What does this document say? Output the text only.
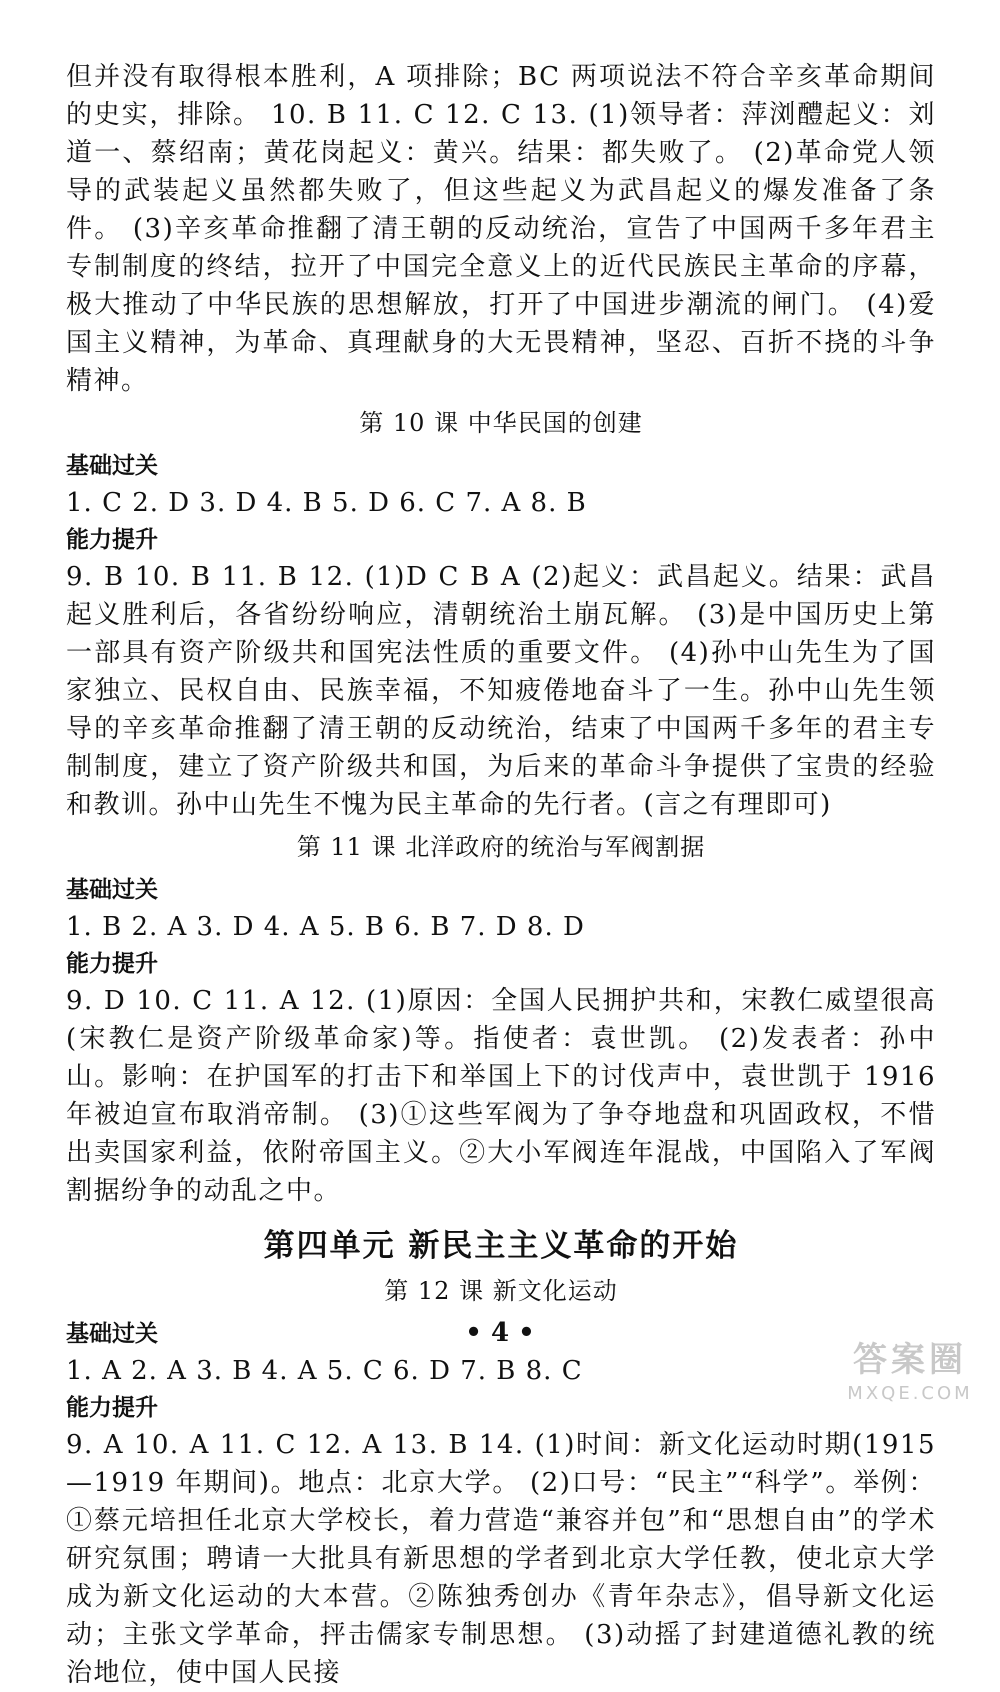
但并没有取得根本胜利，A 项排除；BC 两项说法不符合辛亥革命期间的史实，排除。 10. B 11. C 12. C 13. (1)领导者：萍浏醴起义：刘道一、蔡绍南；黄花岗起义：黄兴。结果：都失败了。 (2)革命党人领导的武装起义虽然都失败了，但这些起义为武昌起义的爆发准备了条件。 (3)辛亥革命推翻了清王朝的反动统治，宣告了中国两千多年君主专制制度的终结，拉开了中国完全意义上的近代民族民主革命的序幕，极大推动了中华民族的思想解放，打开了中国进步潮流的闸门。 (4)爱国主义精神，为革命、真理献身的大无畏精神，坚忍、百折不挠的斗争精神。

第 10 课 中华民国的创建

基础过关

1. C 2. D 3. D 4. B 5. D 6. C 7. A 8. B

能力提升

9. B 10. B 11. B 12. (1)D C B A (2)起义：武昌起义。结果：武昌起义胜利后，各省纷纷响应，清朝统治土崩瓦解。 (3)是中国历史上第一部具有资产阶级共和国宪法性质的重要文件。 (4)孙中山先生为了国家独立、民权自由、民族幸福，不知疲倦地奋斗了一生。孙中山先生领导的辛亥革命推翻了清王朝的反动统治，结束了中国两千多年的君主专制制度，建立了资产阶级共和国，为后来的革命斗争提供了宝贵的经验和教训。孙中山先生不愧为民主革命的先行者。(言之有理即可)

第 11 课 北洋政府的统治与军阀割据

基础过关

1. B 2. A 3. D 4. A 5. B 6. B 7. D 8. D

能力提升

9. D 10. C 11. A 12. (1)原因：全国人民拥护共和，宋教仁威望很高(宋教仁是资产阶级革命家)等。指使者：袁世凯。 (2)发表者：孙中山。影响：在护国军的打击下和举国上下的讨伐声中，袁世凯于 1916 年被迫宣布取消帝制。 (3)①这些军阀为了争夺地盘和巩固政权，不惜出卖国家利益，依附帝国主义。②大小军阀连年混战，中国陷入了军阀割据纷争的动乱之中。

第四单元 新民主主义革命的开始
第 12 课 新文化运动

基础过关

1. A 2. A 3. B 4. A 5. C 6. D 7. B 8. C

能力提升

9. A 10. A 11. C 12. A 13. B 14. (1)时间：新文化运动时期(1915—1919 年期间)。地点：北京大学。 (2)口号：“民主”“科学”。举例：①蔡元培担任北京大学校长，着力营造“兼容并包”和“思想自由”的学术研究氛围；聘请一大批具有新思想的学者到北京大学任教，使北京大学成为新文化运动的大本营。②陈独秀创办《青年杂志》，倡导新文化运动；主张文学革命，抨击儒家专制思想。 (3)动摇了封建道德礼教的统治地位，使中国人民接

• 4 •
答案圈
MXQE.COM
